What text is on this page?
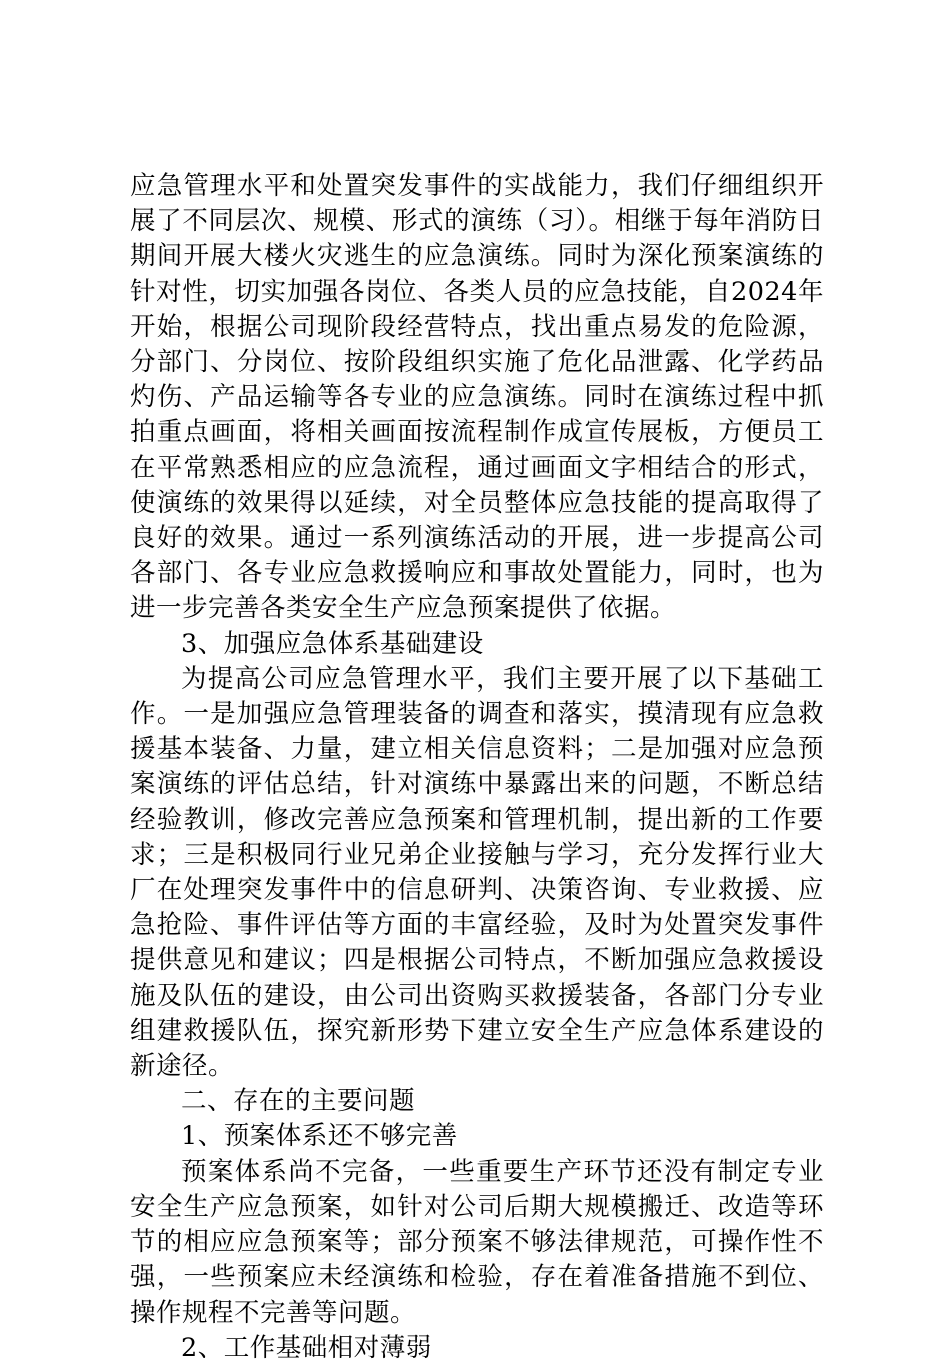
应急管理水平和处置突发事件的实战能力，我们仔细组织开展了不同层次、规模、形式的演练（习）。相继于每年消防日期间开展大楼火灾逃生的应急演练。同时为深化预案演练的针对性，切实加强各岗位、各类人员的应急技能，自2024年开始，根据公司现阶段经营特点，找出重点易发的危险源，分部门、分岗位、按阶段组织实施了危化品泄露、化学药品灼伤、产品运输等各专业的应急演练。同时在演练过程中抓拍重点画面，将相关画面按流程制作成宣传展板，方便员工在平常熟悉相应的应急流程，通过画面文字相结合的形式，使演练的效果得以延续，对全员整体应急技能的提高取得了良好的效果。通过一系列演练活动的开展，进一步提高公司各部门、各专业应急救援响应和事故处置能力，同时，也为进一步完善各类安全生产应急预案提供了依据。

3、加强应急体系基础建设

为提高公司应急管理水平，我们主要开展了以下基础工作。一是加强应急管理装备的调查和落实，摸清现有应急救援基本装备、力量，建立相关信息资料；二是加强对应急预案演练的评估总结，针对演练中暴露出来的问题，不断总结经验教训，修改完善应急预案和管理机制，提出新的工作要求；三是积极同行业兄弟企业接触与学习，充分发挥行业大厂在处理突发事件中的信息研判、决策咨询、专业救援、应急抢险、事件评估等方面的丰富经验，及时为处置突发事件提供意见和建议；四是根据公司特点，不断加强应急救援设施及队伍的建设，由公司出资购买救援装备，各部门分专业组建救援队伍，探究新形势下建立安全生产应急体系建设的新途径。

二、存在的主要问题

1、预案体系还不够完善

预案体系尚不完备，一些重要生产环节还没有制定专业安全生产应急预案，如针对公司后期大规模搬迁、改造等环节的相应应急预案等；部分预案不够法律规范，可操作性不强，一些预案应未经演练和检验，存在着准备措施不到位、操作规程不完善等问题。

2、工作基础相对薄弱
